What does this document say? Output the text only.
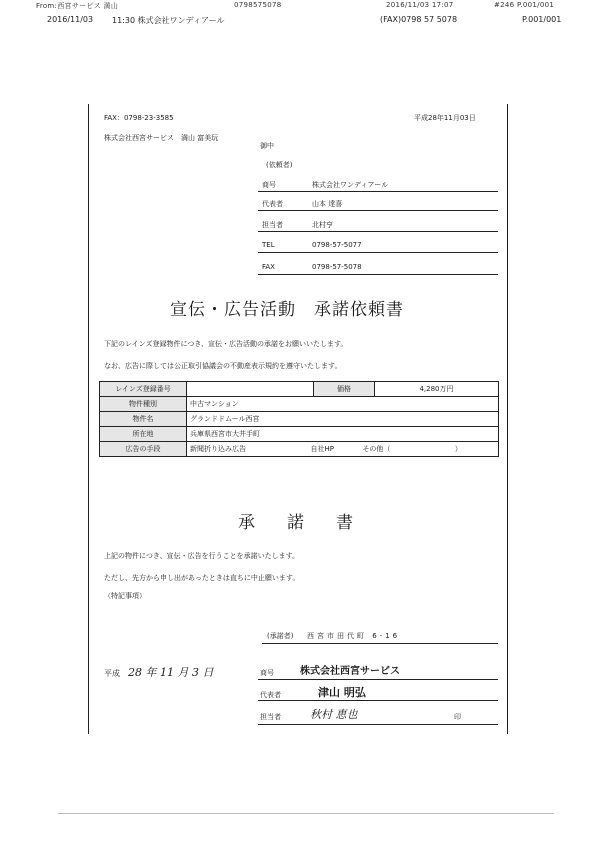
From:西宮サービス 満山	0798575078	2016/11/03 17:07	#246 P.001/001
2016/11/03 11:30 株式会社ワンディアール	(FAX)0798 57 5078	P.001/001
FAX：0798-23-3585	平成28年11月03日
株式会社西宮サービス　満山 富美玩
御中
(依頼者)
商号	株式会社ワンディアール
代表者	山本 達喜
担当者	北村亨
TEL	0798-57-5077
FAX	0798-57-5078
宣伝・広告活動　承諾依頼書
下記のレインズ登録物件につき、宣伝・広告活動の承諾をお願いいたします。
なお、広告に際しては公正取引協議会の不動産表示規約を遵守いたします。
レインズ登録番号		価格	4,280万円
物件種別	中古マンション		
物件名	グランドドムール西宮		
所在地	兵庫県西宮市大井手町		
広告の手段	新聞折り込み広告 自社HP その他（ ）		
承諾書
上記の物件につき、宣伝・広告を行うことを承諾いたします。
ただし、先方から申し出があったときは直ちに中止願います。
（特記事項）
(承諾者) 西宮市田代町 6-16
平成 28 年 11 月 3 日	商号	株式会社西宮サービス
代表者	津山 明弘
担当者	秋村 恵也	印
